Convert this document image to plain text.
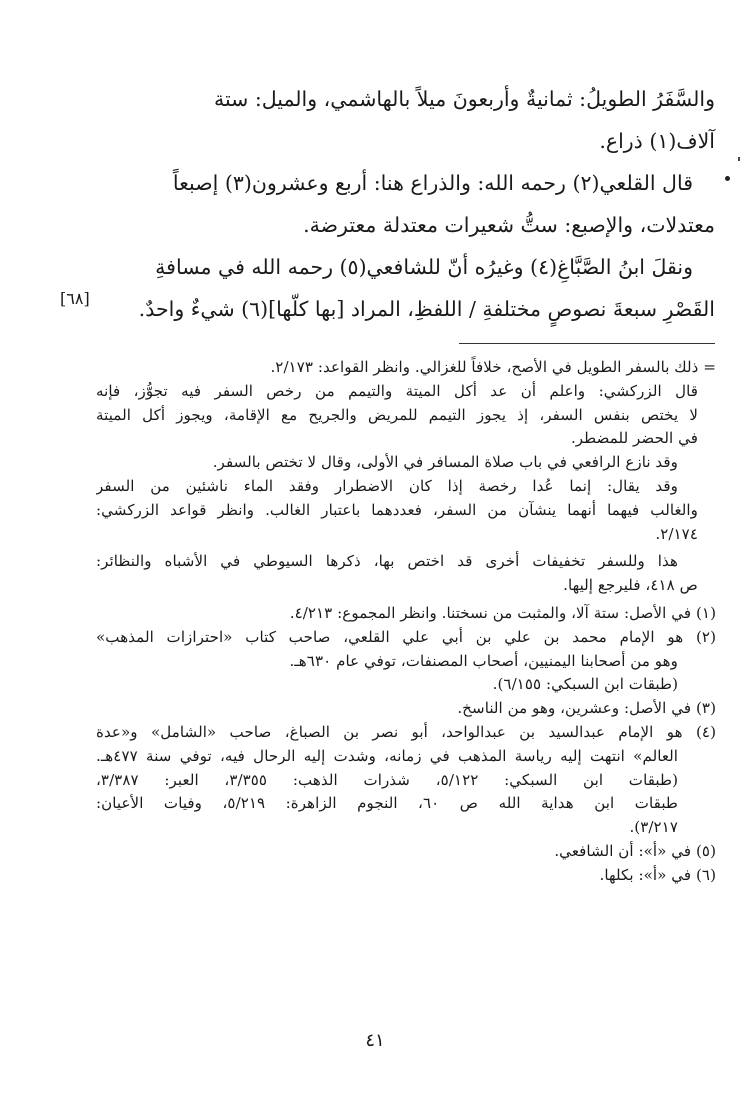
والسَّفَرُ الطويلُ: ثمانيةٌ وأربعونَ ميلاً بالهاشمي، والميل: ستة
آلاف(١) ذراع.
قال القلعي(٢) رحمه الله: والذراع هنا: أربع وعشرون(٣) إصبعاً
معتدلات، والإصبع: ستُّ شعيرات معتدلة معترضة.
ونقلَ ابنُ الصَّبَّاغِ(٤) وغيرُه أنّ للشافعي(٥) رحمه الله في مسافةِ
القَصْرِ سبعةَ نصوصٍ مختلفةِ / اللفظِ، المراد [بها كلّها](٦) شيءٌ واحدٌ.
[٦٨]
= ذلك بالسفر الطويل في الأصح، خلافاً للغزالي. وانظر القواعد: ٢/١٧٣.
قال الزركشي: واعلم أن عد أكل الميتة والتيمم من رخص السفر فيه تجوُّز، فإنه
لا يختص بنفس السفر، إذ يجوز التيمم للمريض والجريح مع الإقامة، ويجوز أكل الميتة
في الحضر للمضطر.
وقد نازع الرافعي في باب صلاة المسافر في الأولى، وقال لا تختص بالسفر.
وقد يقال: إنما عُدا رخصة إذا كان الاضطرار وفقد الماء ناشئين من السفر
والغالب فيهما أنهما ينشآن من السفر، فعددهما باعتبار الغالب. وانظر قواعد الزركشي:
٢/١٧٤.
هذا وللسفر تخفيفات أخرى قد اختص بها، ذكرها السيوطي في الأشباه والنظائر:
ص ٤١٨، فليرجع إليها.
(١) في الأصل: ستة آلا، والمثبت من نسختنا. وانظر المجموع: ٤/٢١٣.
(٢) هو الإمام محمد بن علي بن أبي علي القلعي، صاحب كتاب «احترازات المذهب»
وهو من أصحابنا اليمنيين، أصحاب المصنفات، توفي عام ٦٣٠هـ.
(طبقات ابن السبكي: ٦/١٥٥).
(٣) في الأصل: وعشرين، وهو من الناسخ.
(٤) هو الإمام عبدالسيد بن عبدالواحد، أبو نصر بن الصباغ، صاحب «الشامل» و«عدة
العالم» انتهت إليه رياسة المذهب في زمانه، وشدت إليه الرحال فيه، توفي سنة ٤٧٧هـ.
(طبقات ابن السبكي: ٥/١٢٢، شذرات الذهب: ٣/٣٥٥، العبر: ٣/٣٨٧،
طبقات ابن هداية الله ص ٦٠، النجوم الزاهرة: ٥/٢١٩، وفيات الأعيان:
٣/٢١٧).
(٥) في «أ»: أن الشافعي.
(٦) في «أ»: بكلها.
٤١
